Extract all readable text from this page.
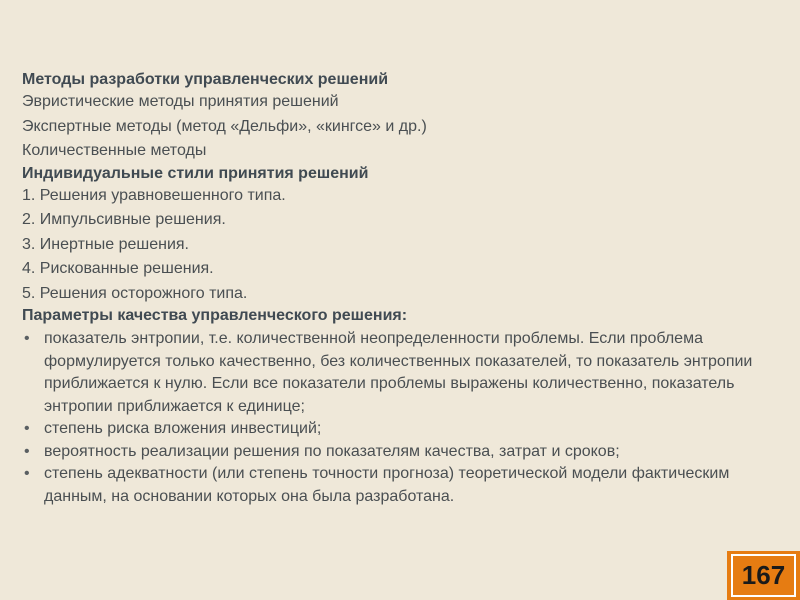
Методы разработки управленческих решений

Эвристические методы принятия решений

Экспертные методы (метод «Дельфи», «кингсе» и др.)

Количественные методы

Индивидуальные стили принятия решений

1. Решения уравновешенного типа.

2. Импульсивные решения.

3. Инертные решения.

4. Рискованные решения.

5. Решения осторожного типа.

Параметры качества управленческого решения:

• показатель энтропии, т.е. количественной неопределенности проблемы. Если проблема формулируется только качественно, без количественных показателей, то показатель энтропии приближается к нулю. Если все показатели проблемы выражены количественно, показатель энтропии приближается к единице;
• степень риска вложения инвестиций;
• вероятность реализации решения по показателям качества, затрат и сроков;
• степень адекватности (или степень точности прогноза) теоретической модели фактическим данным, на основании которых она была разработана.
167
